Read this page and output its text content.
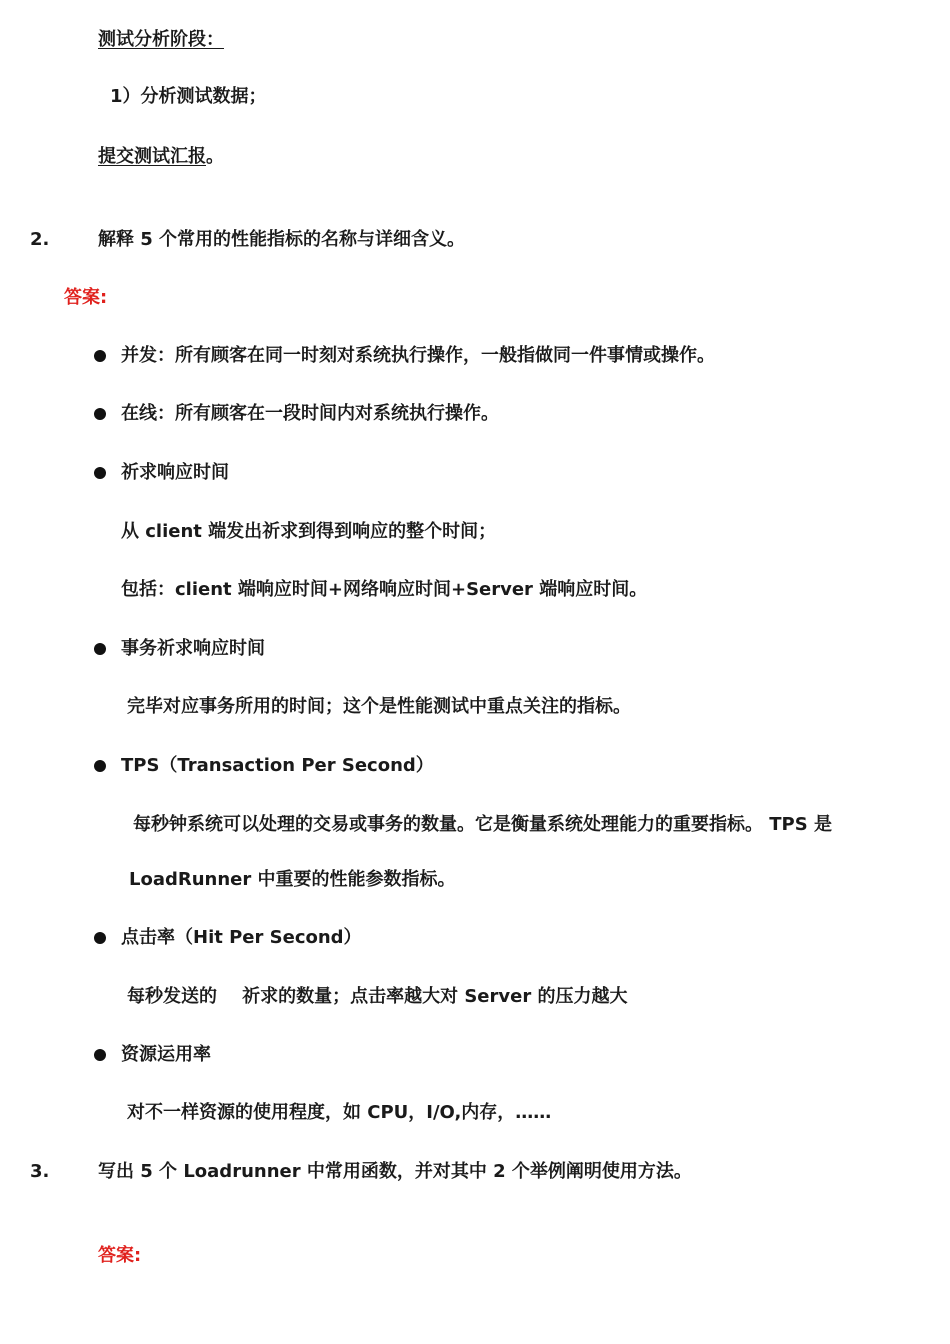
测试分析阶段：
1）分析测试数据；
提交测试汇报。
2.	解释 5 个常用的性能指标的名称与详细含义。
答案:
并发：所有顾客在同一时刻对系统执行操作，一般指做同一件事情或操作。
在线：所有顾客在一段时间内对系统执行操作。
祈求响应时间
从 client 端发出祈求到得到响应的整个时间；
包括：client 端响应时间+网络响应时间+Server 端响应时间。
事务祈求响应时间
完毕对应事务所用的时间；这个是性能测试中重点关注的指标。
TPS（Transaction Per Second）
每秒钟系统可以处理的交易或事务的数量。它是衡量系统处理能力的重要指标。 TPS 是
LoadRunner 中重要的性能参数指标。
点击率（Hit Per Second）
每秒发送的    祈求的数量；点击率越大对 Server 的压力越大
资源运用率
对不一样资源的使用程度，如 CPU，I/O,内存，……
3.	写出 5 个 Loadrunner 中常用函数，并对其中 2 个举例阐明使用方法。
答案:
